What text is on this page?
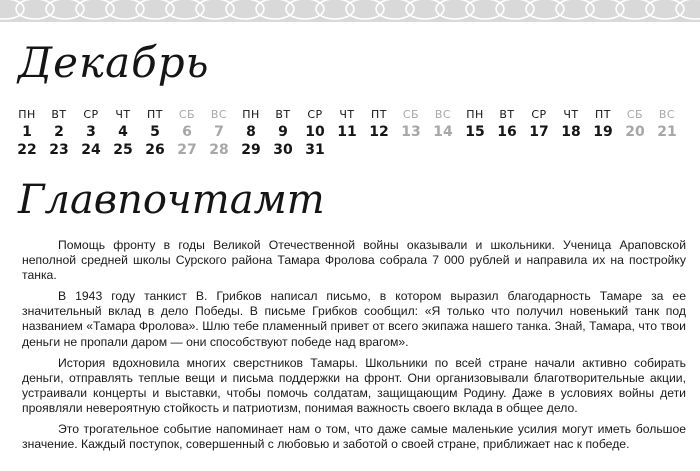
Декабрь
ПН	ВТ	СР	ЧТ	ПТ	СБ	ВС	ПН	ВТ	СР	ЧТ	ПТ	СБ	ВС	ПН	ВТ	СР	ЧТ	ПТ	СБ	ВС
1	2	3	4	5	6	7	8	9	10 11 12 13 14 15 16 17 18 19 20 21
22 23 24 25 26 27 28 29 30 31
Главпочтамт

Помощь фронту в годы Великой Отечественной войны оказывали и школьники. Ученица Араповской неполной средней школы Сурского района Тамара Фролова собрала 7 000 рублей и направила их на постройку танка.

В 1943 году танкист В. Грибков написал письмо, в котором выразил благодарность Тамаре за ее значительный вклад в дело Победы. В письме Грибков сообщил: «Я только что получил новенький танк под названием «Тамара Фролова». Шлю тебе пламенный привет от всего экипажа нашего танка. Знай, Тамара, что твои деньги не пропали даром — они способствуют победе над врагом».

История вдохновила многих сверстников Тамары. Школьники по всей стране начали активно собирать деньги, отправлять теплые вещи и письма поддержки на фронт. Они организовывали благотворительные акции, устраивали концерты и выставки, чтобы помочь солдатам, защищающим Родину. Даже в условиях войны дети проявляли невероятную стойкость и патриотизм, понимая важность своего вклада в общее дело.

Это трогательное событие напоминает нам о том, что даже самые маленькие усилия могут иметь большое значение. Каждый поступок, совершенный с любовью и заботой о своей стране, приближает нас к победе.
